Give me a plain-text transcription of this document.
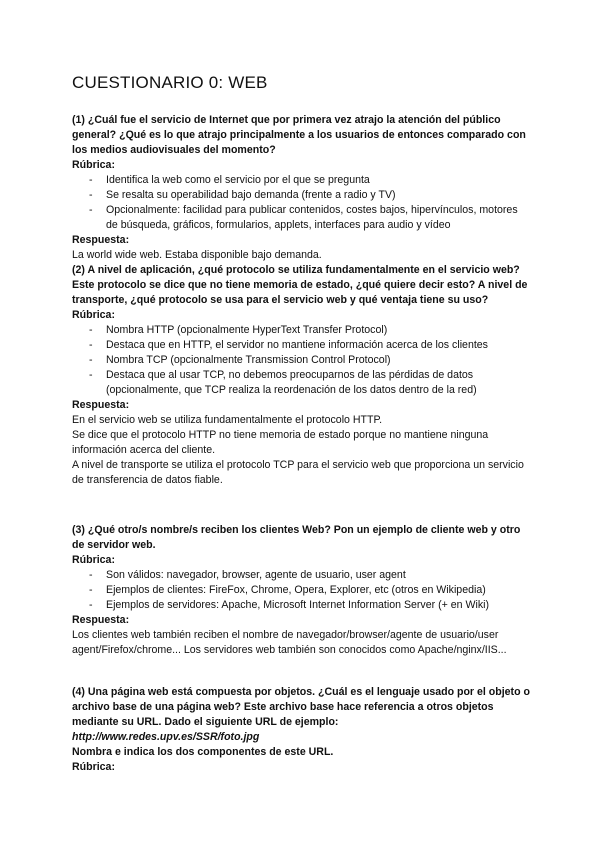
CUESTIONARIO 0: WEB

(1) ¿Cuál fue el servicio de Internet que por primera vez atrajo la atención del público general? ¿Qué es lo que atrajo principalmente a los usuarios de entonces comparado con los medios audiovisuales del momento?

Rúbrica:

- Identifica la web como el servicio por el que se pregunta
- Se resalta su operabilidad bajo demanda (frente a radio y TV)
- Opcionalmente: facilidad para publicar contenidos, costes bajos, hipervínculos, motores de búsqueda, gráficos, formularios, applets, interfaces para audio y vídeo

Respuesta:

La world wide web. Estaba disponible bajo demanda.

(2) A nivel de aplicación, ¿qué protocolo se utiliza fundamentalmente en el servicio web? Este protocolo se dice que no tiene memoria de estado, ¿qué quiere decir esto? A nivel de transporte, ¿qué protocolo se usa para el servicio web y qué ventaja tiene su uso?

Rúbrica:

- Nombra HTTP (opcionalmente HyperText Transfer Protocol)
- Destaca que en HTTP, el servidor no mantiene información acerca de los clientes
- Nombra TCP (opcionalmente Transmission Control Protocol)
- Destaca que al usar TCP, no debemos preocuparnos de las pérdidas de datos (opcionalmente, que TCP realiza la reordenación de los datos dentro de la red)

Respuesta:

En el servicio web se utiliza fundamentalmente el protocolo HTTP.

Se dice que el protocolo HTTP no tiene memoria de estado porque no mantiene ninguna información acerca del cliente.

A nivel de transporte se utiliza el protocolo TCP para el servicio web que proporciona un servicio de transferencia de datos fiable.

(3) ¿Qué otro/s nombre/s reciben los clientes Web? Pon un ejemplo de cliente web y otro de servidor web.

Rúbrica:

- Son válidos: navegador, browser, agente de usuario, user agent
- Ejemplos de clientes: FireFox, Chrome, Opera, Explorer, etc (otros en Wikipedia)
- Ejemplos de servidores: Apache, Microsoft Internet Information Server (+ en Wiki)

Respuesta:

Los clientes web también reciben el nombre de navegador/browser/agente de usuario/user agent/Firefox/chrome... Los servidores web también son conocidos como Apache/nginx/IIS...

(4) Una página web está compuesta por objetos. ¿Cuál es el lenguaje usado por el objeto o archivo base de una página web? Este archivo base hace referencia a otros objetos mediante su URL. Dado el siguiente URL de ejemplo:

http://www.redes.upv.es/SSR/foto.jpg

Nombra e indica los dos componentes de este URL.

Rúbrica:
